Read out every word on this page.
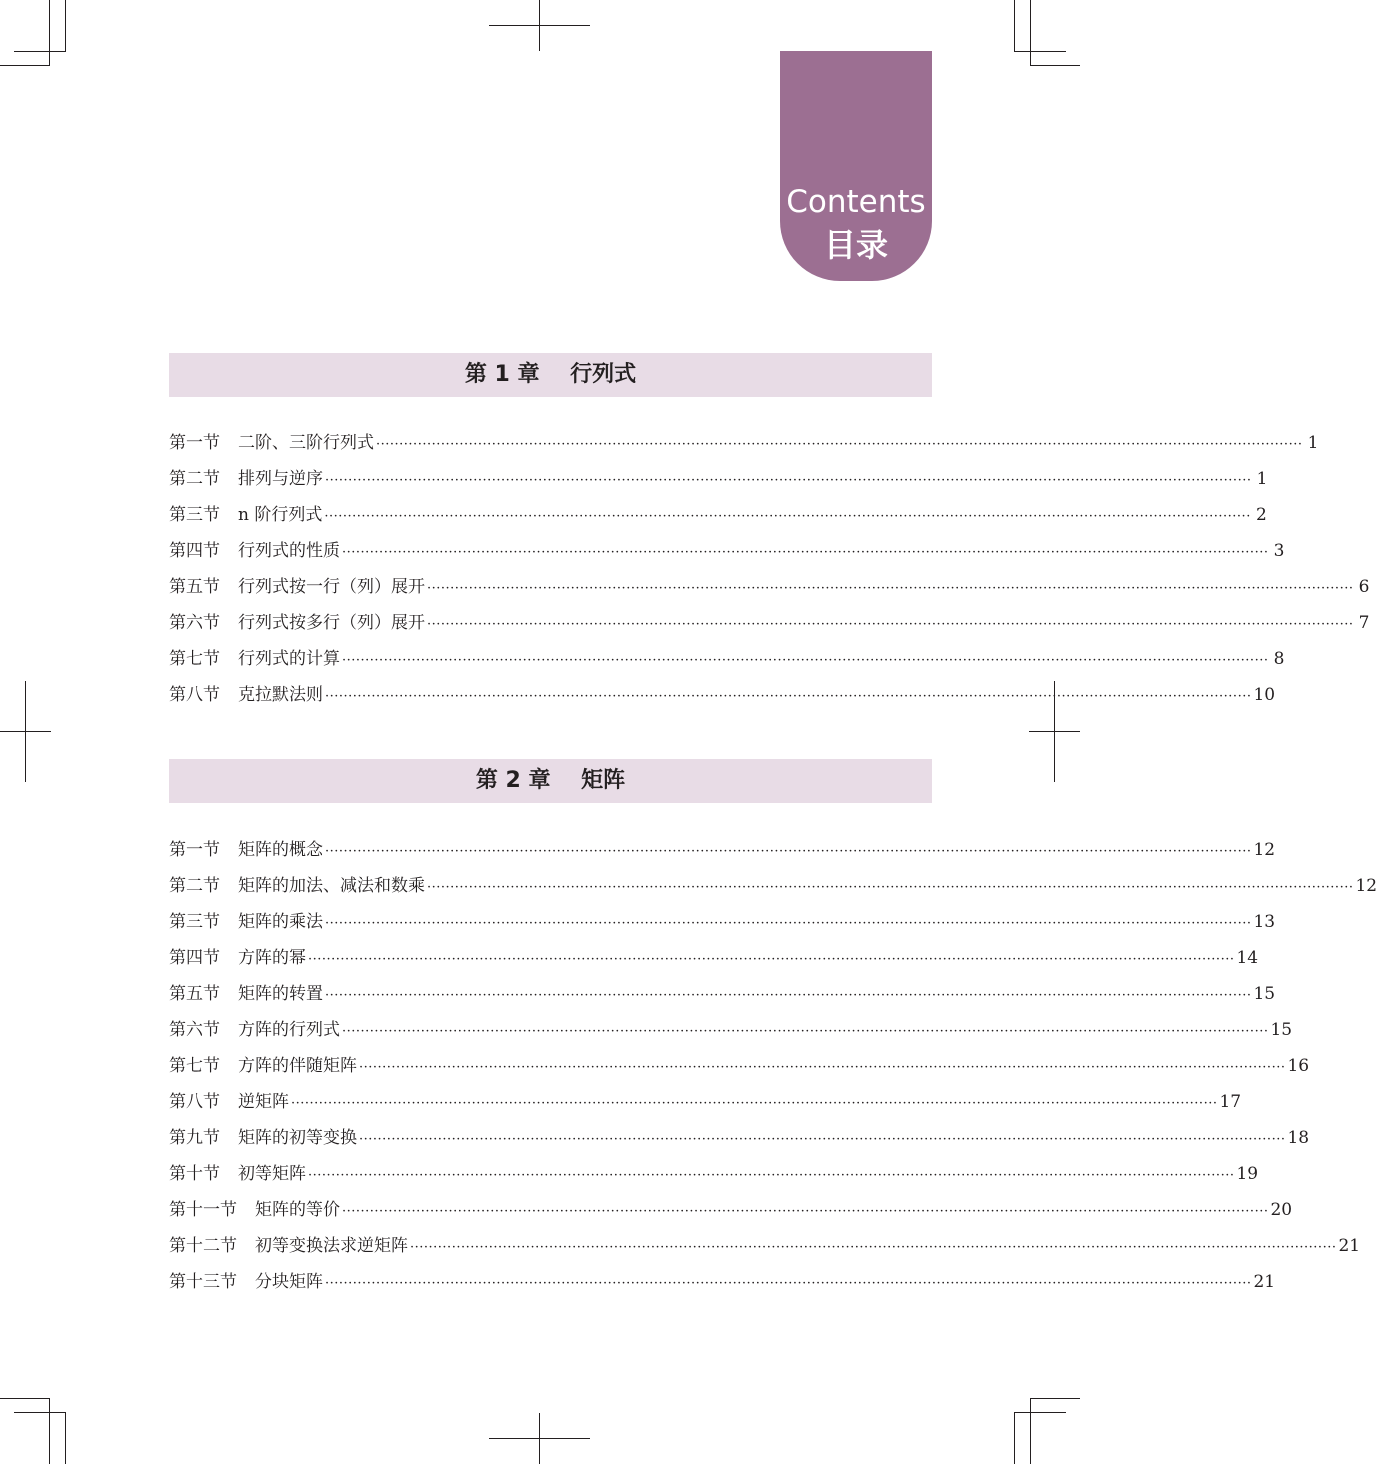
Contents
目录
第 1 章    行列式
第一节 二阶、三阶行列式 ········································································································································································································ 1
第二节 排列与逆序 ········································································································································································································ 1
第三节 n 阶行列式 ········································································································································································································ 2
第四节 行列式的性质 ········································································································································································································ 3
第五节 行列式按一行（列）展开 ········································································································································································································ 6
第六节 行列式按多行（列）展开 ········································································································································································································ 7
第七节 行列式的计算 ········································································································································································································ 8
第八节 克拉默法则 ········································································································································································································ 10
第 2 章    矩阵
第一节 矩阵的概念 ········································································································································································································ 12
第二节 矩阵的加法、减法和数乘 ········································································································································································································ 12
第三节 矩阵的乘法 ········································································································································································································ 13
第四节 方阵的幂 ········································································································································································································ 14
第五节 矩阵的转置 ········································································································································································································ 15
第六节 方阵的行列式 ········································································································································································································ 15
第七节 方阵的伴随矩阵 ········································································································································································································ 16
第八节 逆矩阵 ········································································································································································································ 17
第九节 矩阵的初等变换 ········································································································································································································ 18
第十节 初等矩阵 ········································································································································································································ 19
第十一节 矩阵的等价 ········································································································································································································ 20
第十二节 初等变换法求逆矩阵 ········································································································································································································ 21
第十三节 分块矩阵 ········································································································································································································ 21
